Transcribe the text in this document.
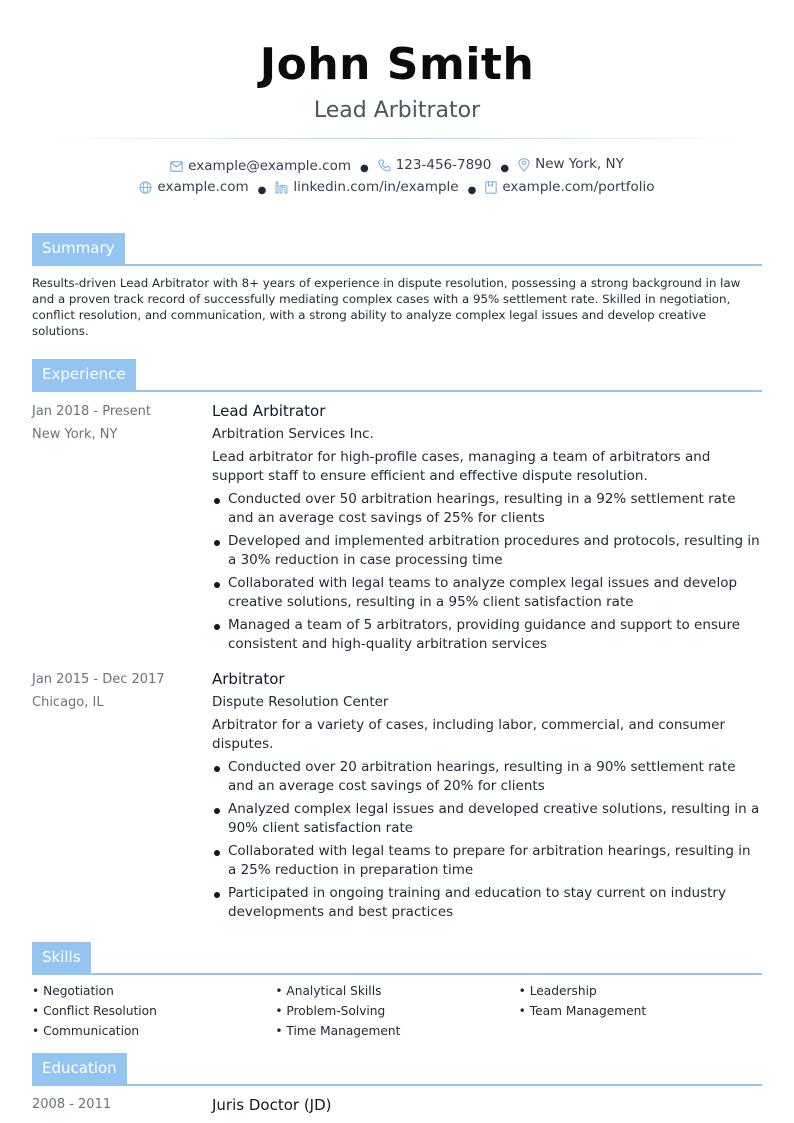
John Smith
Lead Arbitrator
example@example.com ● 123-456-7890 ● New York, NY
example.com ● linkedin.com/in/example ● example.com/portfolio
Summary
Results-driven Lead Arbitrator with 8+ years of experience in dispute resolution, possessing a strong background in law and a proven track record of successfully mediating complex cases with a 95% settlement rate. Skilled in negotiation, conflict resolution, and communication, with a strong ability to analyze complex legal issues and develop creative solutions.
Experience
Jan 2018 - Present
New York, NY
Lead Arbitrator
Arbitration Services Inc.
Lead arbitrator for high-profile cases, managing a team of arbitrators and support staff to ensure efficient and effective dispute resolution.
Conducted over 50 arbitration hearings, resulting in a 92% settlement rate and an average cost savings of 25% for clients
Developed and implemented arbitration procedures and protocols, resulting in a 30% reduction in case processing time
Collaborated with legal teams to analyze complex legal issues and develop creative solutions, resulting in a 95% client satisfaction rate
Managed a team of 5 arbitrators, providing guidance and support to ensure consistent and high-quality arbitration services
Jan 2015 - Dec 2017
Chicago, IL
Arbitrator
Dispute Resolution Center
Arbitrator for a variety of cases, including labor, commercial, and consumer disputes.
Conducted over 20 arbitration hearings, resulting in a 90% settlement rate and an average cost savings of 20% for clients
Analyzed complex legal issues and developed creative solutions, resulting in a 90% client satisfaction rate
Collaborated with legal teams to prepare for arbitration hearings, resulting in a 25% reduction in preparation time
Participated in ongoing training and education to stay current on industry developments and best practices
Skills
• Negotiation
• Conflict Resolution
• Communication
• Analytical Skills
• Problem-Solving
• Time Management
• Leadership
• Team Management
Education
2008 - 2011	Juris Doctor (JD)
